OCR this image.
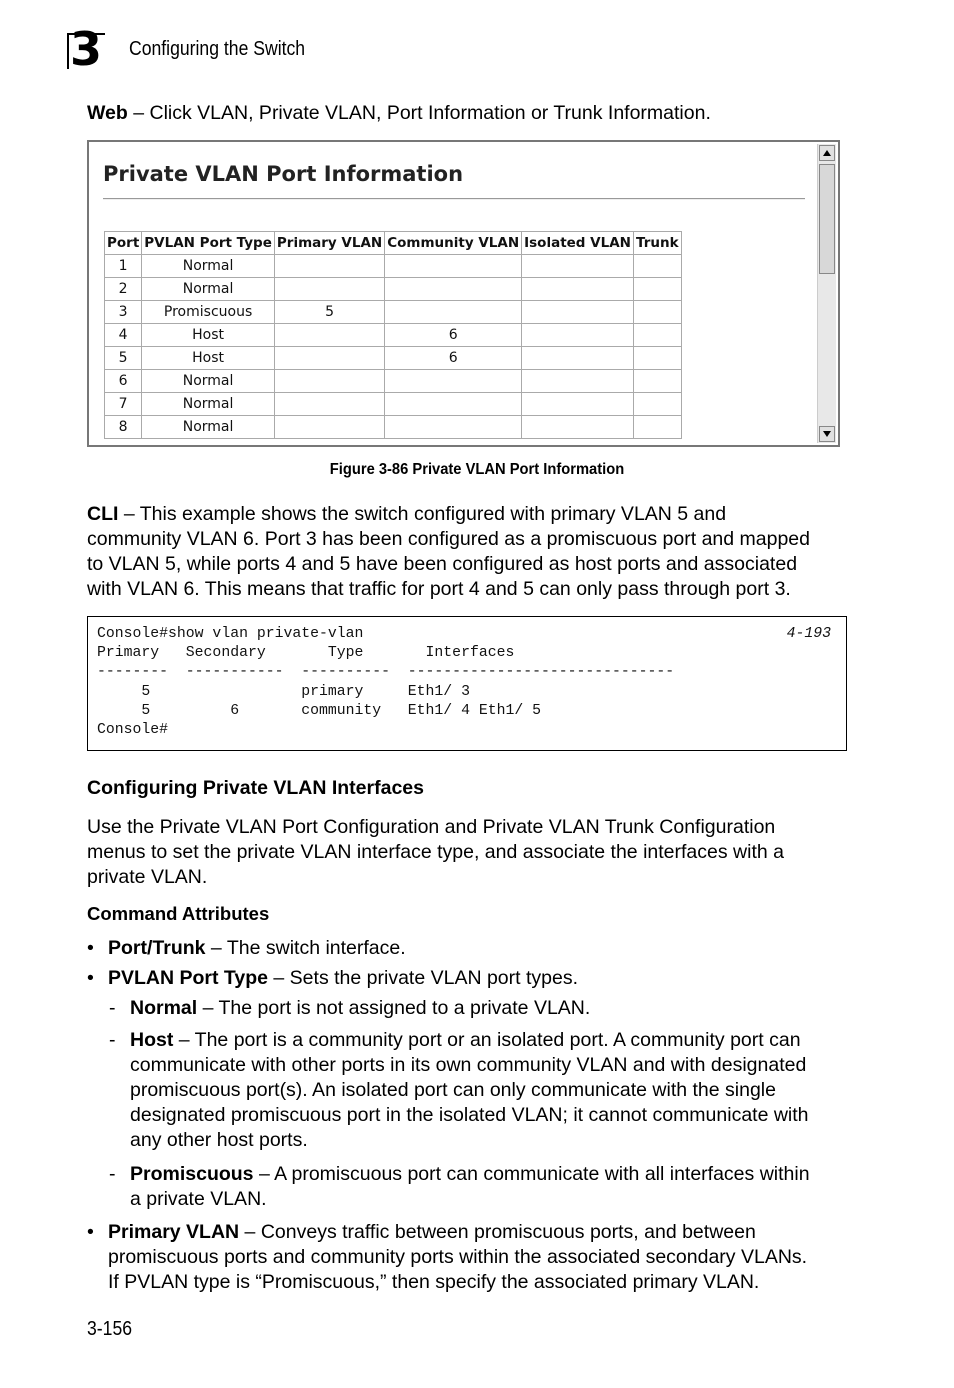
3 Configuring the Switch
Web – Click VLAN, Private VLAN, Port Information or Trunk Information.
Private VLAN Port Information
Port	PVLAN Port Type	Primary VLAN	Community VLAN	Isolated VLAN	Trunk
1	Normal				
2	Normal				
3	Promiscuous	5			
4	Host		6		
5	Host		6		
6	Normal				
7	Normal				
8	Normal				
Figure 3-86 Private VLAN Port Information
CLI – This example shows the switch configured with primary VLAN 5 and
community VLAN 6. Port 3 has been configured as a promiscuous port and mapped
to VLAN 5, while ports 4 and 5 have been configured as host ports and associated
with VLAN 6. This means that traffic for port 4 and 5 can only pass through port 3.
Console#show vlan private-vlan	4-193
Primary   Secondary       Type       Interfaces
--------  -----------  ----------  ------------------------------
5                 primary     Eth1/ 3
5         6       community   Eth1/ 4 Eth1/ 5
Console#
Configuring Private VLAN Interfaces
Use the Private VLAN Port Configuration and Private VLAN Trunk Configuration
menus to set the private VLAN interface type, and associate the interfaces with a
private VLAN.
Command Attributes
• Port/Trunk – The switch interface.
• PVLAN Port Type – Sets the private VLAN port types.
- Normal – The port is not assigned to a private VLAN.
- Host – The port is a community port or an isolated port. A community port can
communicate with other ports in its own community VLAN and with designated
promiscuous port(s). An isolated port can only communicate with the single
designated promiscuous port in the isolated VLAN; it cannot communicate with
any other host ports.
- Promiscuous – A promiscuous port can communicate with all interfaces within
a private VLAN.
• Primary VLAN – Conveys traffic between promiscuous ports, and between
promiscuous ports and community ports within the associated secondary VLANs.
If PVLAN type is “Promiscuous,” then specify the associated primary VLAN.
3-156
